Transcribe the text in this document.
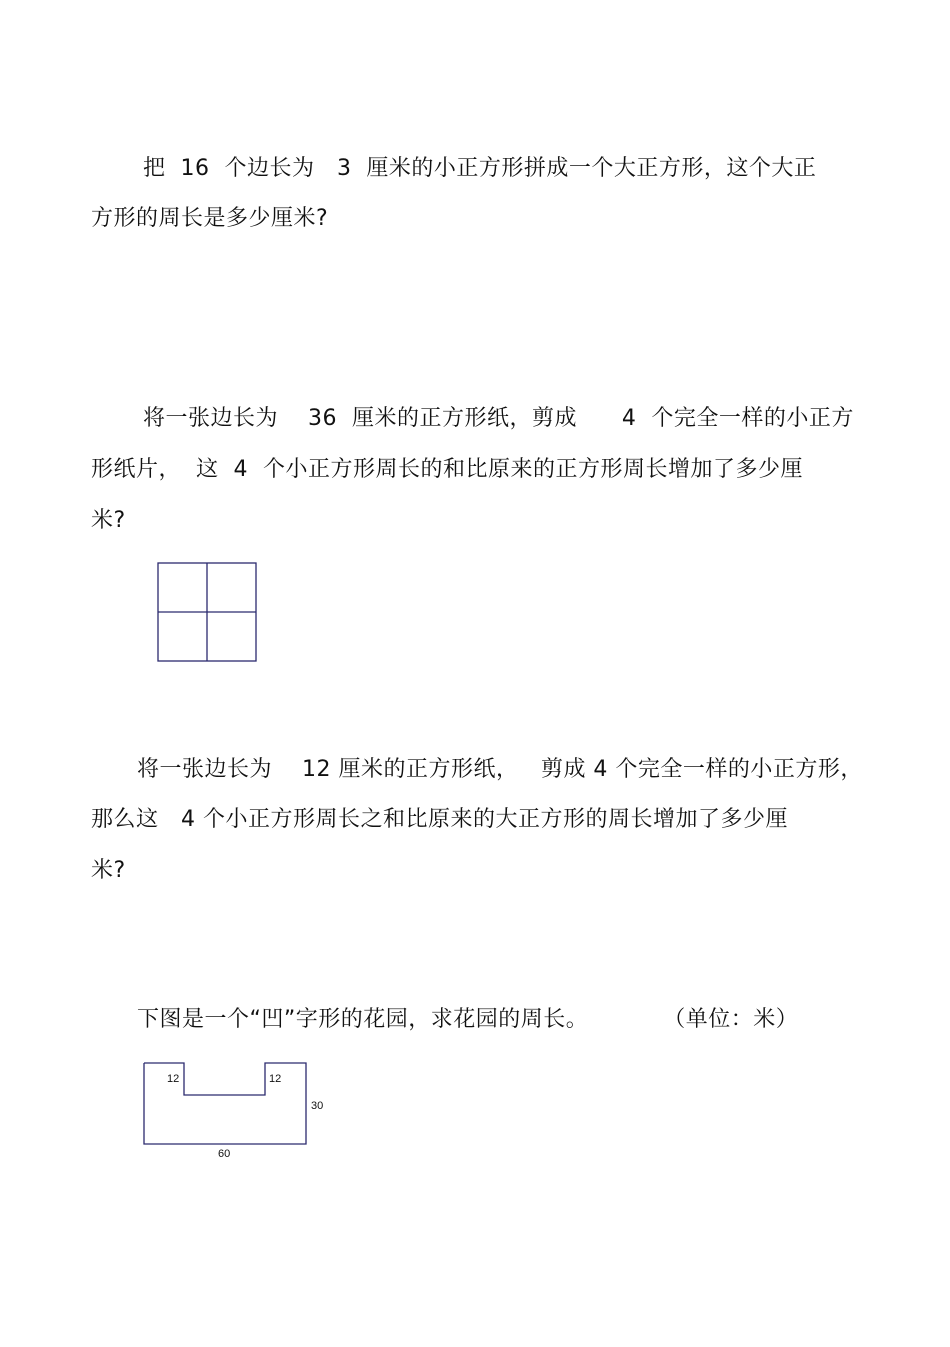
把  16  个边长为   3  厘米的小正方形拼成一个大正方形，这个大正
方形的周长是多少厘米?
将一张边长为    36  厘米的正方形纸，剪成      4  个完全一样的小正方
形纸片，  这  4  个小正方形周长的和比原来的正方形周长增加了多少厘
米?
将一张边长为    12 厘米的正方形纸，   剪成 4 个完全一样的小正方形，
那么这   4 个小正方形周长之和比原来的大正方形的周长增加了多少厘
米?
下图是一个“凹”字形的花园，求花园的周长。          （单位：米）
12	12
30
60
